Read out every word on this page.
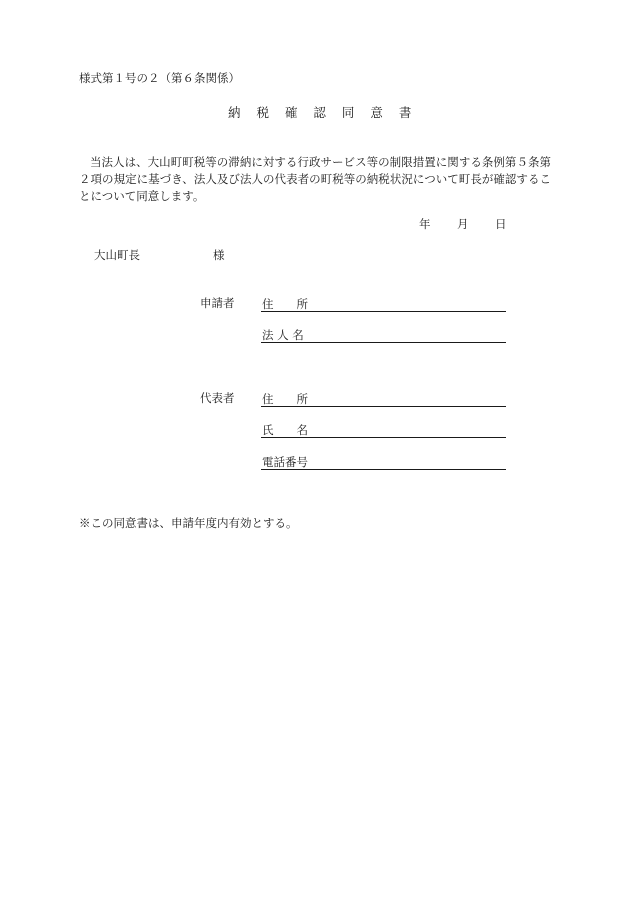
様式第１号の２（第６条関係）
納 税 確 認 同 意 書
当法人は、大山町町税等の滞納に対する行政サービス等の制限措置に関する条例第５条第２項の規定に基づき、法人及び法人の代表者の町税等の納税状況について町長が確認することについて同意します。
年 月 日
大山町長	様
申請者 住　　所
法 人 名
代表者 住　　所
氏　　名
電話番号
※この同意書は、申請年度内有効とする。
